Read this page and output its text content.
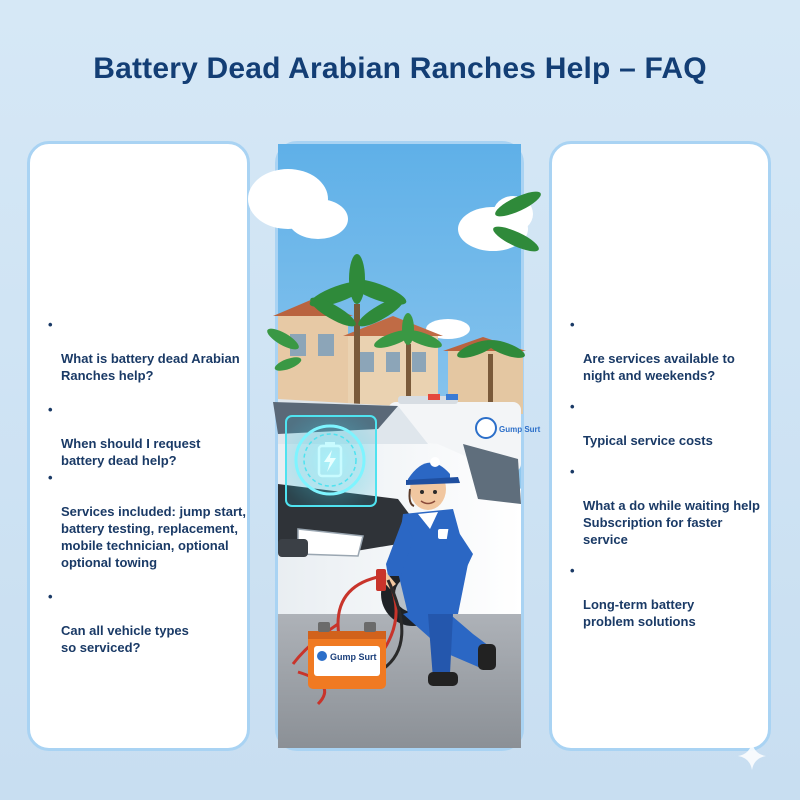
Battery Dead Arabian Ranches Help – FAQ

•

What is battery dead Arabian
Ranches help?

•

When should I request
battery dead help?

•

Services included: jump start,
battery testing, replacement,
mobile technician, optional
optional towing

•

Can all vehicle types
so serviced?

Gump Surt
Gump Surt

•

Are services available to
night and weekends?

•

Typical service costs

•

What a do while waiting help
Subscription for faster service

•

Long-term battery
problem solutions
